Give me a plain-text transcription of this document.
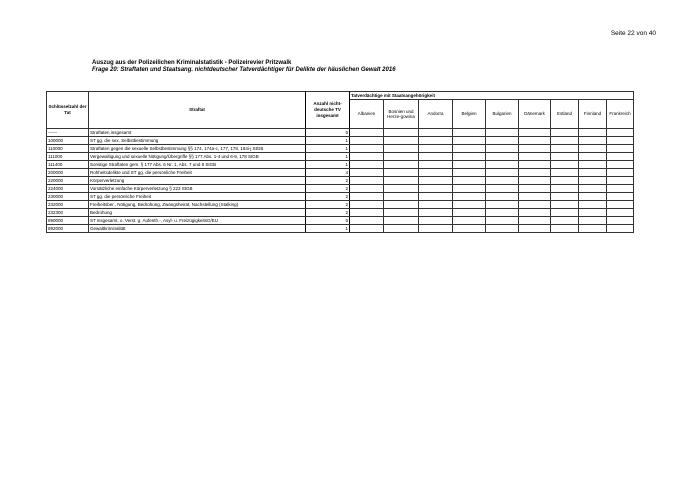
Seite 22 von 40
Auszug aus der Polizeilichen Kriminalstatistik - Polizeirevier Pritzwalk
Frage 20: Straftaten und Staatsang. nichtdeutscher Tatverdächtiger für Delikte der häuslichen Gewalt 2016
Schlüsselzahl der Tat	Straftat	Anzahl nicht-deutsche TV insgesamt	Tatverdächtige mit Staatsangehörigkeit								
			Albanien	Bosnien und Herze-gowina	Andorra	Belgien	Bulgarien	Dänemark	Estland	Finnland	Frankreich
------	Straftaten insgesamt	5									
100000	ST gg. die sex. Selbstbestimmung	1									
110000	Straftaten gegen die sexuelle Selbstbestimmung §§ 174, 174a-c, 177, 178, 184i-j StGB	1									
111000	Vergewaltigung und sexuelle Nötigung/Übergriffe §§ 177 Abs. 1-4 und 6-9, 178 StGB	1									
111400	Sonstige Straftaten gem. § 177 Abs. 6 Nr. 1, Abs. 7 und 8 StGB	1									
200000	Rohheitsdelikte und ST gg. die persönliche Freiheit	4									
220000	Körperverletzung	2									
224000	Vorsätzliche einfache Körperverletzung § 223 StGB	2									
230000	ST gg. die persönliche Freiheit	2									
232000	Freiheitsber., Nötigung, Bedrohung, Zwangsheirat, Nachstellung (Stalking)	2									
232300	Bedrohung	2									
890000	ST insgesamt, o. Verst. g. Aufenth.-, Asyl- u. FreizügigkeitsG/EU	5									
892000	Gewaltkriminalität	1									
